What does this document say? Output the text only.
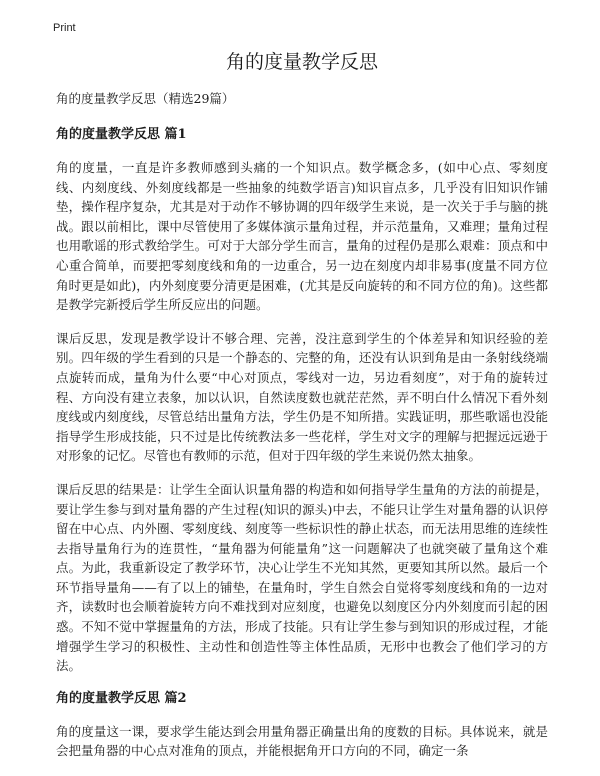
Print
角的度量教学反思

角的度量教学反思（精选29篇）

角的度量教学反思 篇1

角的度量，一直是许多教师感到头痛的一个知识点。数学概念多，(如中心点、零刻度线、内刻度线、外刻度线都是一些抽象的纯数学语言)知识盲点多，几乎没有旧知识作铺垫，操作程序复杂，尤其是对于动作不够协调的四年级学生来说，是一次关于手与脑的挑战。跟以前相比，课中尽管使用了多媒体演示量角过程，并示范量角，又难理；量角过程也用歌谣的形式教给学生。可对于大部分学生而言，量角的过程仍是那么艰难：顶点和中心重合简单，而要把零刻度线和角的一边重合，另一边在刻度内却非易事(度量不同方位角时更是如此)，内外刻度要分清更是困难，(尤其是反向旋转的和不同方位的角)。这些都是教学完新授后学生所反应出的问题。

课后反思，发现是教学设计不够合理、完善，没注意到学生的个体差异和知识经验的差别。四年级的学生看到的只是一个静态的、完整的角，还没有认识到角是由一条射线绕端点旋转而成，量角为什么要“中心对顶点，零线对一边，另边看刻度”，对于角的旋转过程、方向没有建立表象，加以认识，自然读度数也就茫茫然，弄不明白什么情况下看外刻度线或内刻度线，尽管总结出量角方法，学生仍是不知所措。实践证明，那些歌谣也没能指导学生形成技能，只不过是比传统教法多一些花样，学生对文字的理解与把握远远逊于对形象的记忆。尽管也有教师的示范，但对于四年级的学生来说仍然太抽象。

课后反思的结果是：让学生全面认识量角器的构造和如何指导学生量角的方法的前提是，要让学生参与到对量角器的产生过程(知识的源头)中去，不能只让学生对量角器的认识停留在中心点、内外圈、零刻度线、刻度等一些标识性的静止状态，而无法用思维的连续性去指导量角行为的连贯性，“量角器为何能量角”这一问题解决了也就突破了量角这个难点。为此，我重新设定了教学环节，决心让学生不光知其然，更要知其所以然。最后一个环节指导量角——有了以上的铺垫，在量角时，学生自然会自觉将零刻度线和角的一边对齐，读数时也会顺着旋转方向不难找到对应刻度，也避免以刻度区分内外刻度而引起的困惑。不知不觉中掌握量角的方法，形成了技能。只有让学生参与到知识的形成过程，才能增强学生学习的积极性、主动性和创造性等主体性品质，无形中也教会了他们学习的方法。

角的度量教学反思 篇2

角的度量这一课，要求学生能达到会用量角器正确量出角的度数的目标。具体说来，就是会把量角器的中心点对准角的顶点，并能根据角开口方向的不同，确定一条
